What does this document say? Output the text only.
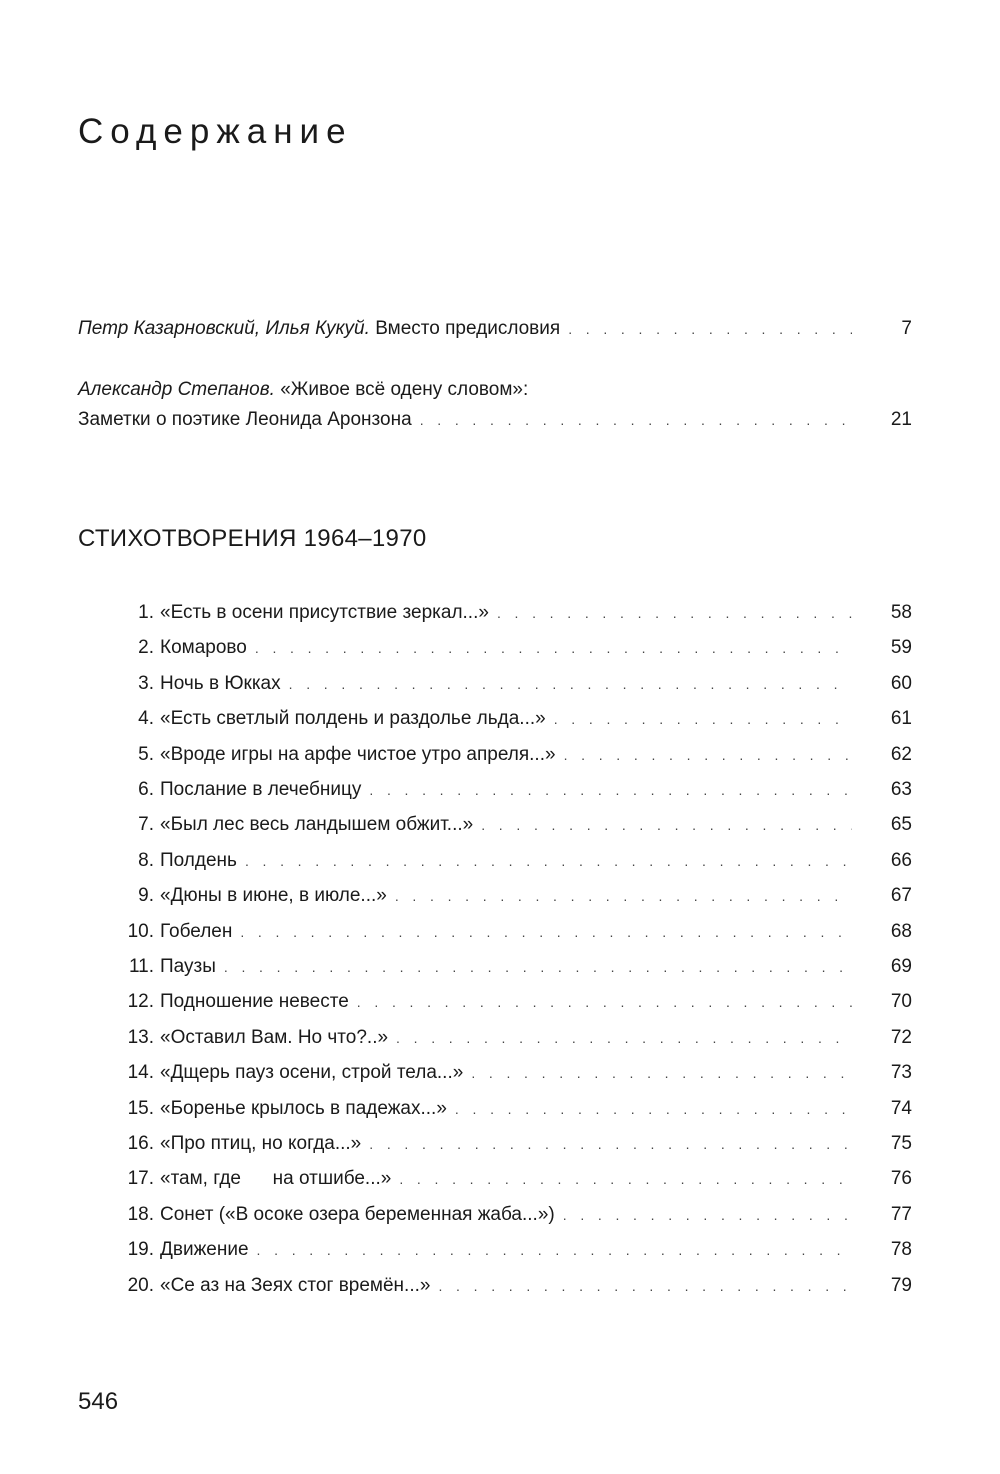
Содержание
Петр Казарновский, Илья Кукуй. Вместо предисловия . . .	7
Александр Степанов. «Живое всё одену словом»:
Заметки о поэтике Леонида Аронзона . . .	21
СТИХОТВОРЕНИЯ 1964–1970
1. «Есть в осени присутствие зеркал...» . . .	58
2. Комарово . . .	59
3. Ночь в Юкках . . .	60
4. «Есть светлый полдень и раздолье льда...» . . .	61
5. «Вроде игры на арфе чистое утро апреля...» . . .	62
6. Послание в лечебницу . . .	63
7. «Был лес весь ландышем обжит...» . . .	65
8. Полдень . . .	66
9. «Дюны в июне, в июле...» . . .	67
10. Гобелен . . .	68
11. Паузы . . .	69
12. Подношение невесте . . .	70
13. «Оставил Вам. Но что?..» . . .	72
14. «Дщерь пауз осени, строй тела...» . . .	73
15. «Боренье крылось в падежах...» . . .	74
16. «Про птиц, но когда...» . . .	75
17. «там, где      на отшибе...» . . .	76
18. Сонет («В осоке озера беременная жаба...») . . .	77
19. Движение . . .	78
20. «Се аз на Зеях стог времён...» . . .	79
546
